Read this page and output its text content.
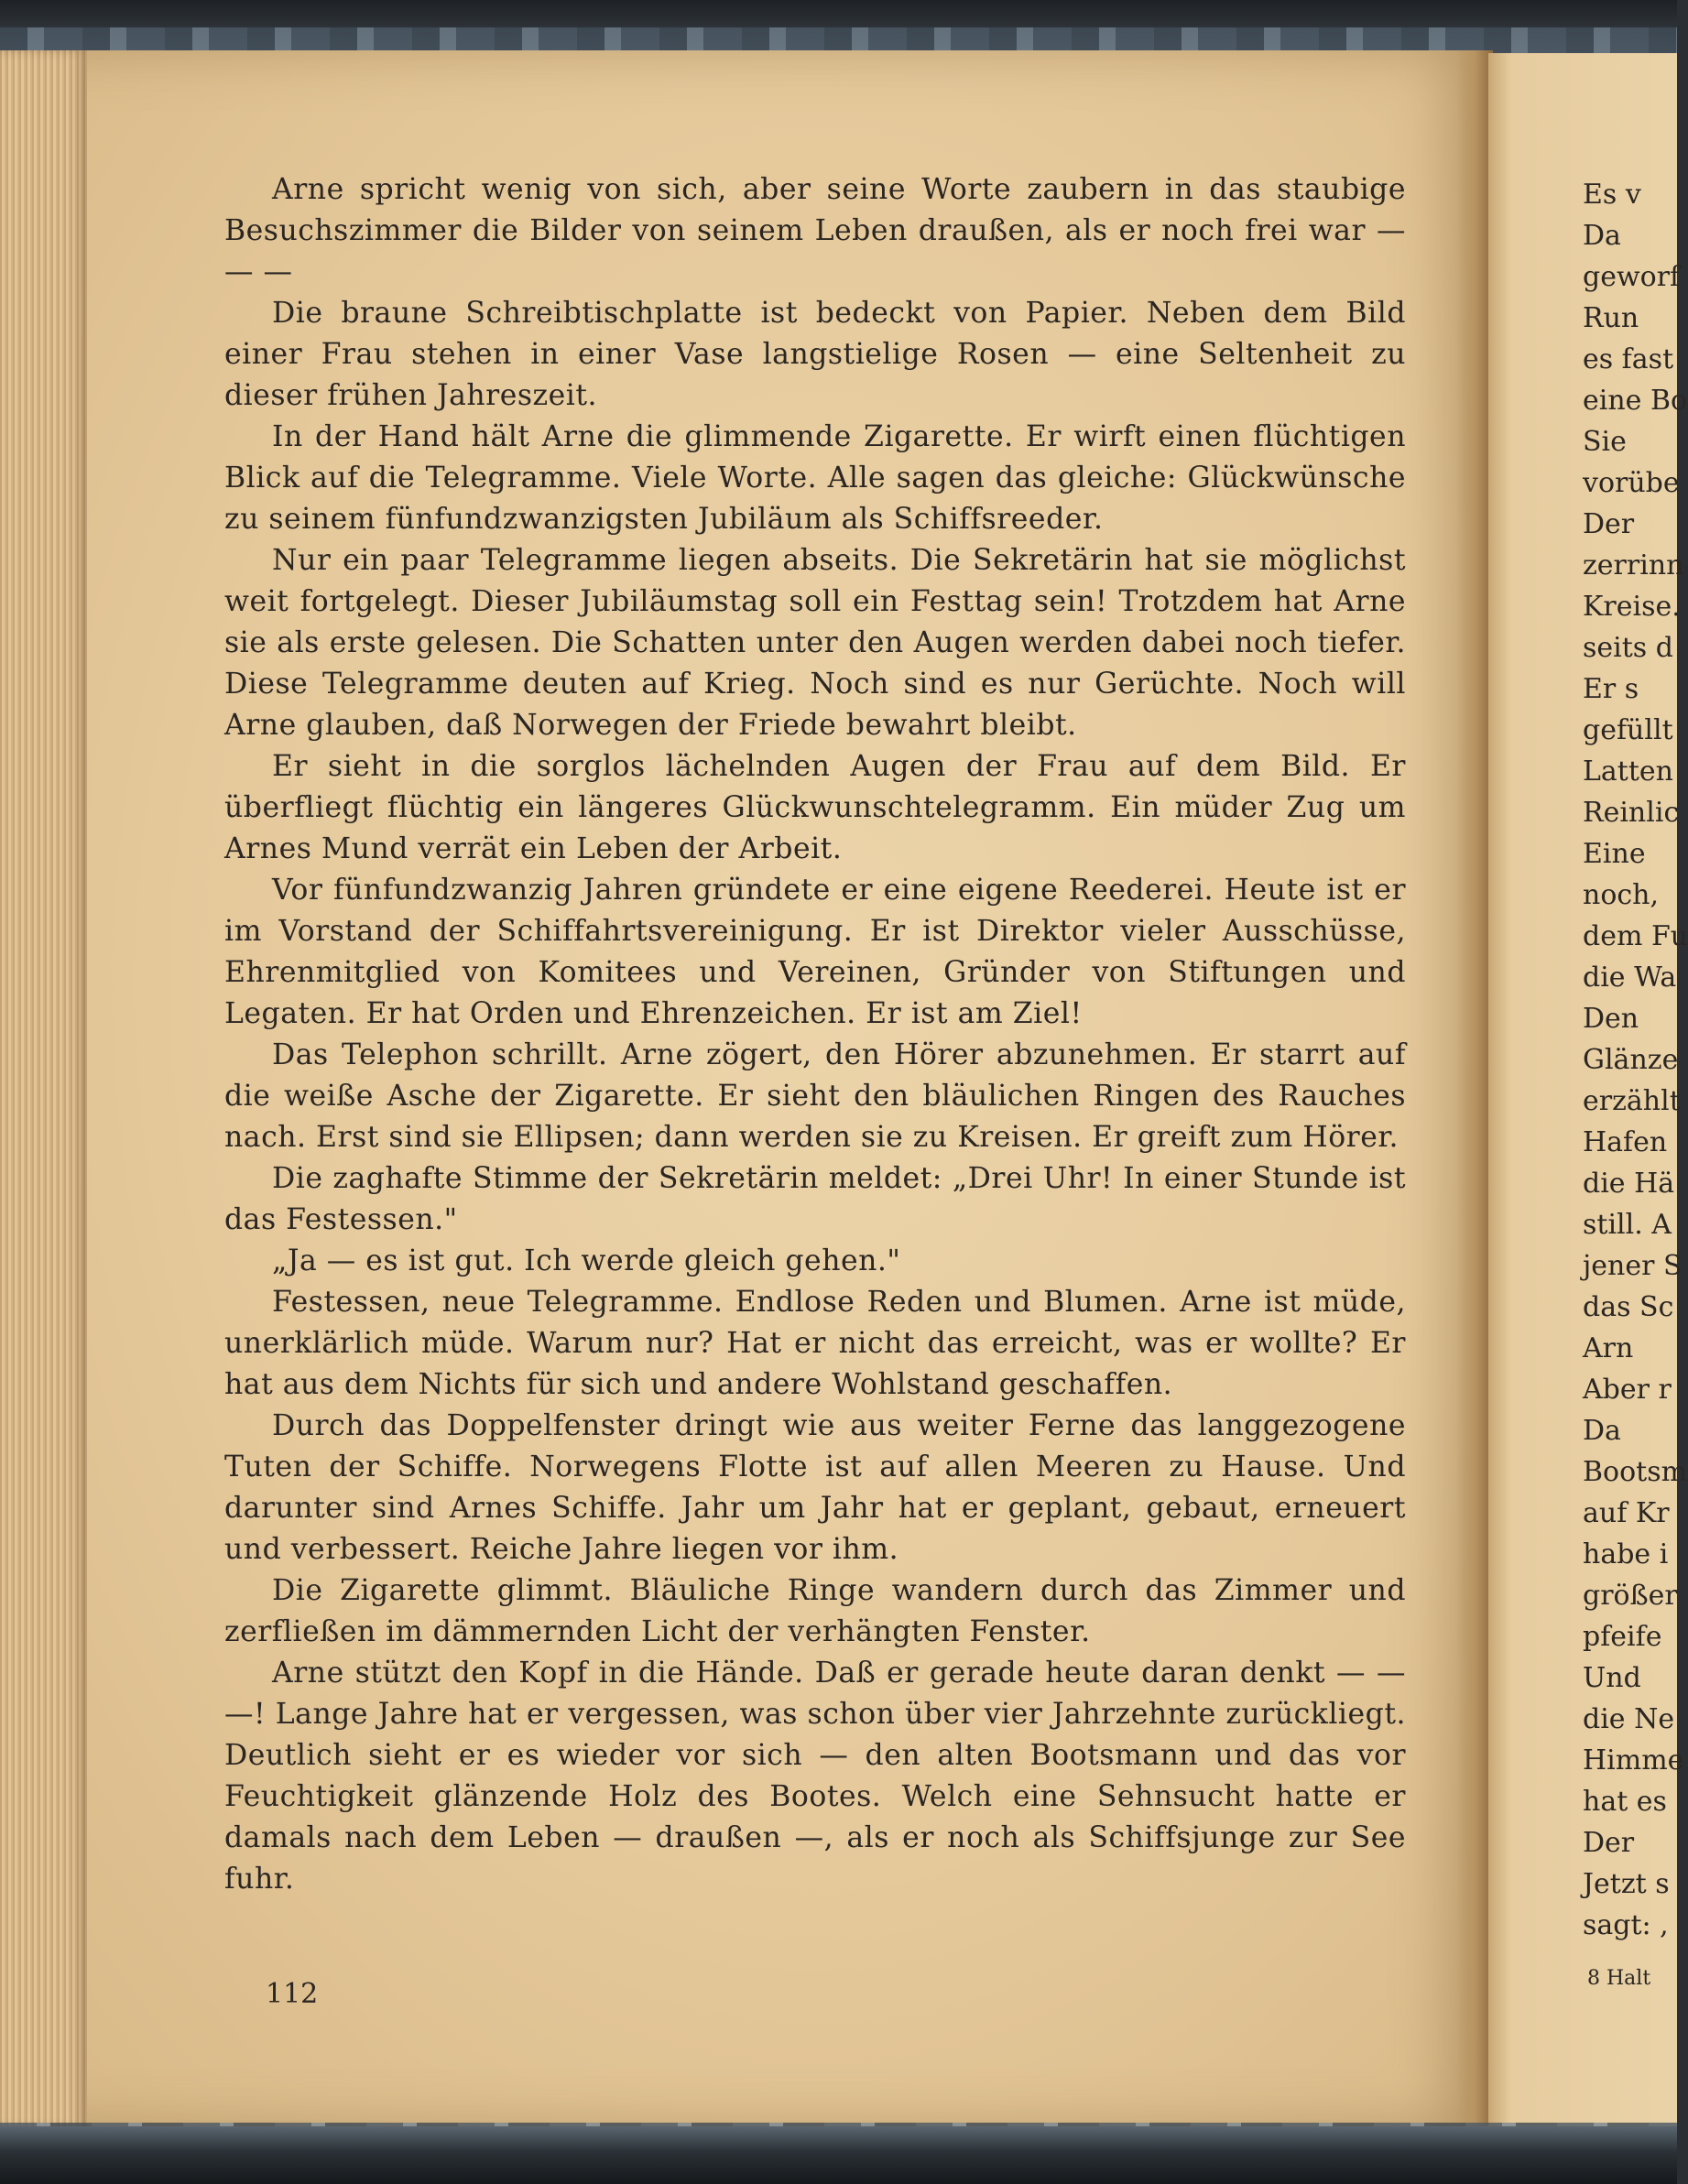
Arne spricht wenig von sich, aber seine Worte zaubern in das staubige Besuchszimmer die Bilder von seinem Leben draußen, als er noch frei war — — —

Die braune Schreibtischplatte ist bedeckt von Papier. Neben dem Bild einer Frau stehen in einer Vase langstielige Rosen — eine Seltenheit zu dieser frühen Jahreszeit.

In der Hand hält Arne die glimmende Zigarette. Er wirft einen flüchtigen Blick auf die Telegramme. Viele Worte. Alle sagen das gleiche: Glückwünsche zu seinem fünfundzwanzigsten Jubiläum als Schiffsreeder.

Nur ein paar Telegramme liegen abseits. Die Sekretärin hat sie möglichst weit fortgelegt. Dieser Jubiläumstag soll ein Festtag sein! Trotzdem hat Arne sie als erste gelesen. Die Schatten unter den Augen werden dabei noch tiefer. Diese Telegramme deuten auf Krieg. Noch sind es nur Gerüchte. Noch will Arne glauben, daß Norwegen der Friede bewahrt bleibt.

Er sieht in die sorglos lächelnden Augen der Frau auf dem Bild. Er überfliegt flüchtig ein längeres Glückwunschtelegramm. Ein müder Zug um Arnes Mund verrät ein Leben der Arbeit.

Vor fünfundzwanzig Jahren gründete er eine eigene Reederei. Heute ist er im Vorstand der Schiffahrtsvereinigung. Er ist Direktor vieler Ausschüsse, Ehrenmitglied von Komitees und Vereinen, Gründer von Stiftungen und Legaten. Er hat Orden und Ehrenzeichen. Er ist am Ziel!

Das Telephon schrillt. Arne zögert, den Hörer abzunehmen. Er starrt auf die weiße Asche der Zigarette. Er sieht den bläulichen Ringen des Rauches nach. Erst sind sie Ellipsen; dann werden sie zu Kreisen. Er greift zum Hörer.

Die zaghafte Stimme der Sekretärin meldet: „Drei Uhr! In einer Stunde ist das Festessen."

„Ja — es ist gut. Ich werde gleich gehen."

Festessen, neue Telegramme. Endlose Reden und Blumen. Arne ist müde, unerklärlich müde. Warum nur? Hat er nicht das erreicht, was er wollte? Er hat aus dem Nichts für sich und andere Wohlstand geschaffen.

Durch das Doppelfenster dringt wie aus weiter Ferne das langgezogene Tuten der Schiffe. Norwegens Flotte ist auf allen Meeren zu Hause. Und darunter sind Arnes Schiffe. Jahr um Jahr hat er geplant, gebaut, erneuert und verbessert. Reiche Jahre liegen vor ihm.

Die Zigarette glimmt. Bläuliche Ringe wandern durch das Zimmer und zerfließen im dämmernden Licht der verhängten Fenster.

Arne stützt den Kopf in die Hände. Daß er gerade heute daran denkt — — —! Lange Jahre hat er vergessen, was schon über vier Jahrzehnte zurückliegt. Deutlich sieht er es wieder vor sich — den alten Bootsmann und das vor Feuchtigkeit glänzende Holz des Bootes. Welch eine Sehnsucht hatte er damals nach dem Leben — draußen —, als er noch als Schiffsjunge zur See fuhr.

112
Es v
Da
geworf
Run
es fast
eine Bo
Sie
vorübe
Der
zerrinn
Kreise.
seits d
Er s
gefüllt
Latten
Reinlic
Eine
noch,
dem Fu
die Wa
Den
Glänze
erzählt
Hafen
die Hä
still. A
jener S
das Sc
Arn
Aber r
Da
Bootsm
auf Kr
habe i
größer
pfeife
Und
die Ne
Himme
hat es
Der
Jetzt s
sagt: ,
8 Halt
